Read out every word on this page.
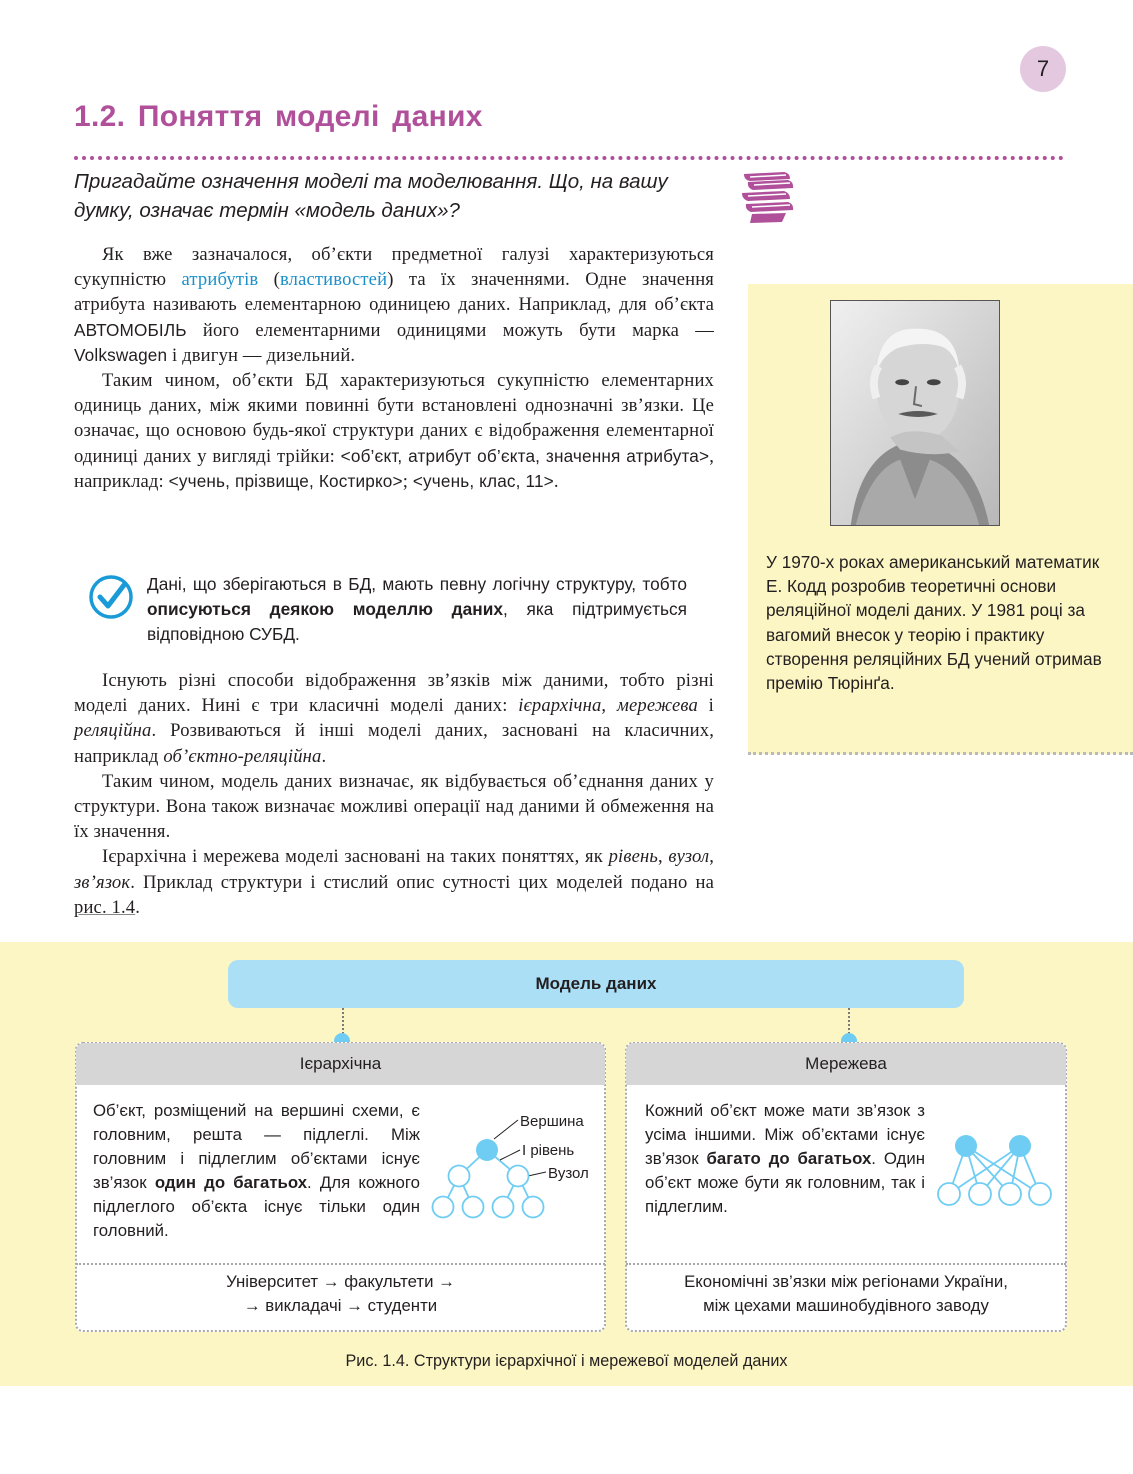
7
1.2. Поняття моделі даних
Пригадайте означення моделі та моделювання. Що, на вашу думку, означає термін «модель даних»?

Як вже зазначалося, об’єкти предметної галузі характеризуються сукупністю атрибутів (властивостей) та їх значеннями. Одне значення атрибута називають елементарною одиницею даних. Наприклад, для об’єкта АВТОМОБІЛЬ його елементарними одиницями можуть бути марка — Volkswagen і двигун — дизельний.

Таким чином, об’єкти БД характеризуються сукупністю елементарних одиниць даних, між якими повинні бути встановлені однозначні зв’язки. Це означає, що основою будь-якої структури даних є відображення елементарної одиниці даних у вигляді трійки: <об’єкт, атрибут об’єкта, значення атрибута>, наприклад: <учень, прізвище, Костирко>; <учень, клас, 11>.

Дані, що зберігаються в БД, мають певну логічну структуру, тобто описуються деякою моделлю даних, яка підтримується відповідною СУБД.

Існують різні способи відображення зв’язків між даними, тобто різні моделі даних. Нині є три класичні моделі даних: ієрархічна, мережева і реляційна. Розвиваються й інші моделі даних, засновані на класичних, наприклад об’єктно-реляційна.

Таким чином, модель даних визначає, як відбувається об’єднання даних у структури. Вона також визначає можливі операції над даними й обмеження на їх значення.

Ієрархічна і мережева моделі засновані на таких поняттях, як рівень, вузол, зв’язок. Приклад структури і стислий опис сутності цих моделей подано на рис. 1.4.

У 1970-х роках американський математик Е. Кодд розробив теоретичні основи реляційної моделі даних. У 1981 році за вагомий внесок у теорію і практику створення реляційних БД учений отримав премію Тюрінґа.
Модель даних
Ієрархічна
Об’єкт, розміщений на вершині схеми, є головним, решта — підлеглі. Між головним і підлеглим об’єктами існує зв’язок один до багатьох. Для кожного підлеглого об’єкта існує тільки один головний.
Вершина
I рівень
Вузол
Університет → факультети →
→ викладачі → студенти
Мережева
Кожний об’єкт може мати зв’язок з усіма іншими. Між об’єктами існує зв’язок багато до багатьох. Один об’єкт може бути як головним, так і підлеглим.
Економічні зв’язки між регіонами України,
між цехами машинобудівного заводу
Рис. 1.4. Структури ієрархічної і мережевої моделей даних
